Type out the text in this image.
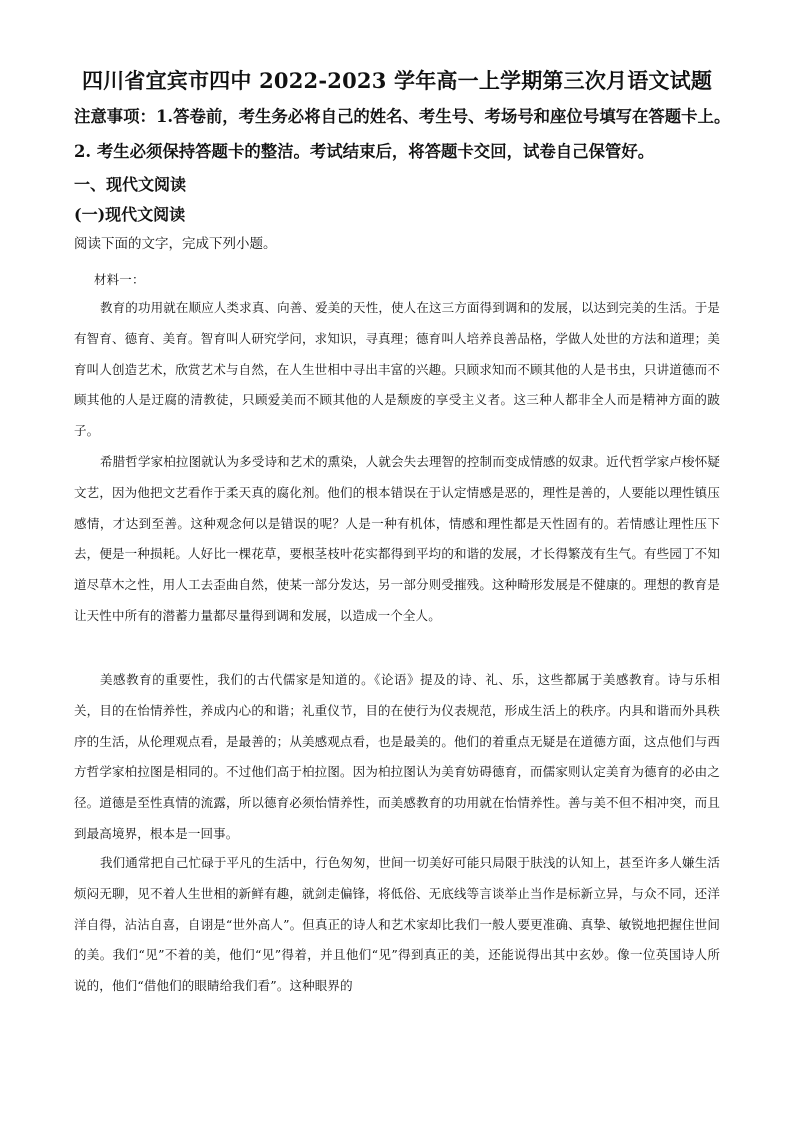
四川省宜宾市四中 2022-2023 学年高一上学期第三次月语文试题
注意事项：1.答卷前，考生务必将自己的姓名、考生号、考场号和座位号填写在答题卡上。
2. 考生必须保持答题卡的整洁。考试结束后，将答题卡交回，试卷自己保管好。
一、现代文阅读
(一)现代文阅读
阅读下面的文字，完成下列小题。
材料一：

教育的功用就在顺应人类求真、向善、爱美的天性，使人在这三方面得到调和的发展，以达到完美的生活。于是有智育、德育、美育。智育叫人研究学问，求知识，寻真理；德育叫人培养良善品格，学做人处世的方法和道理；美育叫人创造艺术，欣赏艺术与自然，在人生世相中寻出丰富的兴趣。只顾求知而不顾其他的人是书虫，只讲道德而不顾其他的人是迂腐的清教徒，只顾爱美而不顾其他的人是颓废的享受主义者。这三种人都非全人而是精神方面的跛子。

希腊哲学家柏拉图就认为多受诗和艺术的熏染，人就会失去理智的控制而变成情感的奴隶。近代哲学家卢梭怀疑文艺，因为他把文艺看作于柔天真的腐化剂。他们的根本错误在于认定情感是恶的，理性是善的，人要能以理性镇压感情，才达到至善。这种观念何以是错误的呢？人是一种有机体，情感和理性都是天性固有的。若情感让理性压下去，便是一种损耗。人好比一棵花草，要根茎枝叶花实都得到平均的和谐的发展，才长得繁茂有生气。有些园丁不知道尽草木之性，用人工去歪曲自然，使某一部分发达，另一部分则受摧残。这种畸形发展是不健康的。理想的教育是让天性中所有的潜蓄力量都尽量得到调和发展，以造成一个全人。

美感教育的重要性，我们的古代儒家是知道的。《论语》提及的诗、礼、乐，这些都属于美感教育。诗与乐相关，目的在怡情养性，养成内心的和谐；礼重仪节，目的在使行为仪表规范，形成生活上的秩序。内具和谐而外具秩序的生活，从伦理观点看，是最善的；从美感观点看，也是最美的。他们的着重点无疑是在道德方面，这点他们与西方哲学家柏拉图是相同的。不过他们高于柏拉图。因为柏拉图认为美育妨碍德育，而儒家则认定美育为德育的必由之径。道德是至性真情的流露，所以德育必须怡情养性，而美感教育的功用就在怡情养性。善与美不但不相冲突，而且到最高境界，根本是一回事。

我们通常把自己忙碌于平凡的生活中，行色匆匆，世间一切美好可能只局限于肤浅的认知上，甚至许多人嫌生活烦闷无聊，见不着人生世相的新鲜有趣，就剑走偏锋，将低俗、无底线等言谈举止当作是标新立异，与众不同，还洋洋自得，沾沾自喜，自诩是“世外高人”。但真正的诗人和艺术家却比我们一般人要更准确、真挚、敏锐地把握住世间的美。我们“见”不着的美，他们“见”得着，并且他们“见”得到真正的美，还能说得出其中玄妙。像一位英国诗人所说的，他们“借他们的眼睛给我们看”。这种眼界的
